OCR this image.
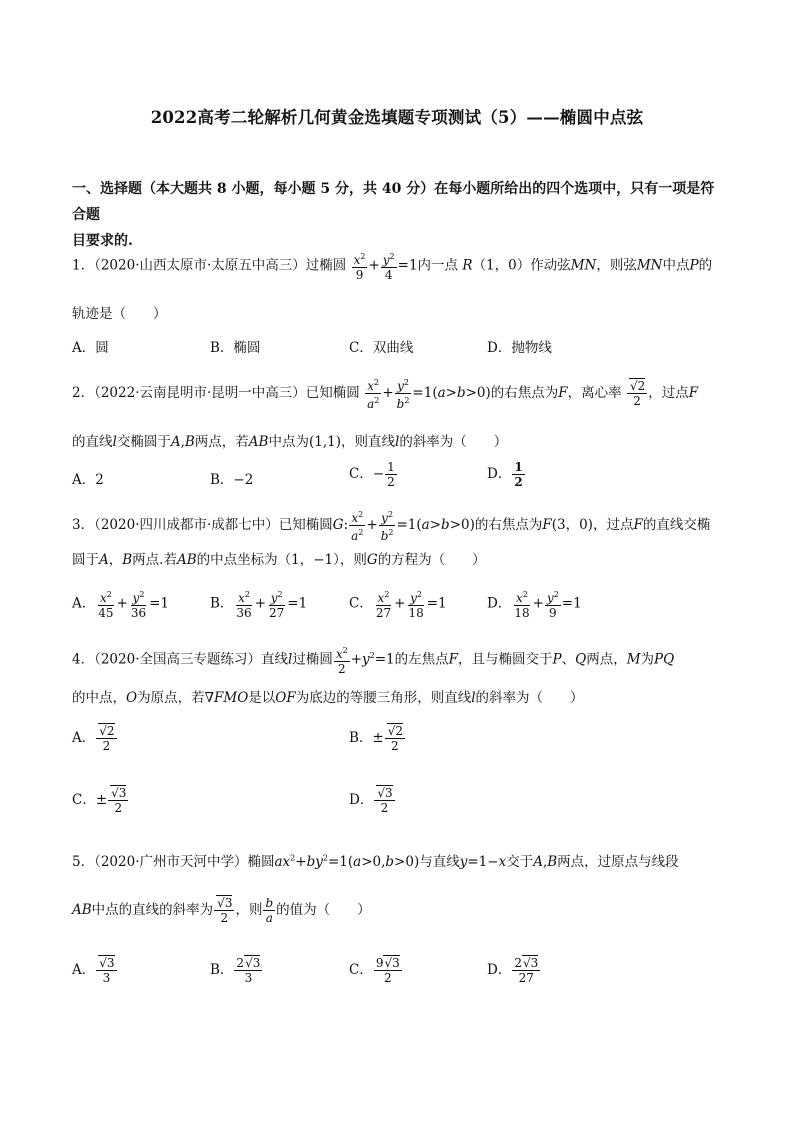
2022高考二轮解析几何黄金选填题专项测试（5）——椭圆中点弦
一、选择题（本大题共 8 小题，每小题 5 分，共 40 分）在每小题所给出的四个选项中，只有一项是符合题
目要求的.
1．（2020·山西太原市·太原五中高三）过椭圆 $\frac{x^2}{9} + \frac{y^2}{4} =1$内一点 R（1，0）作动弦MN，则弦MN中点P的
轨迹是（　　）
A．圆	B．椭圆	C．双曲线	D．抛物线
2．（2022·云南昆明市·昆明一中高三）已知椭圆 $\frac{x^2}{a^2} + \frac{y^2}{b^2} =1(a>b>0)$的右焦点为F，离心率 $\frac{√2}{2}$ ，过点F
的直线l交椭圆于A,B两点，若AB中点为(1,1)，则直线l的斜率为（　　）
A．2	B．−2	C．− $\frac{1}{2}$	D． $\frac{1}{2}$
3．（2020·四川成都市·成都七中）已知椭圆G: $\frac{x^2}{a^2} + \frac{y^2}{b^2} =1(a>b>0)$的右焦点为F(3，0)，过点F的直线交椭
圆于A，B两点.若AB的中点坐标为（1，−1），则G的方程为（　　）
A． $\frac{x^2}{45} + \frac{y^2}{36} =1$	B． $\frac{x^2}{36} + \frac{y^2}{27} =1$	C． $\frac{x^2}{27} + \frac{y^2}{18} =1$	D． $\frac{x^2}{18} + \frac{y^2}{9} =1$
4．（2020·全国高三专题练习）直线l过椭圆 $\frac{x^2}{2} +y^2=1$的左焦点F，且与椭圆交于P、Q两点，M为PQ
的中点，O为原点，若∇FMO是以OF为底边的等腰三角形，则直线l的斜率为（　　）
A． $\frac{√2}{2}$	B．± $\frac{√2}{2}$
C．± $\frac{√3}{2}$	D． $\frac{√3}{2}$
5．（2020·广州市天河中学）椭圆$ax^2+by^2=1(a>0,b>0)$与直线y=1−x交于A,B两点，过原点与线段
AB中点的直线的斜率为 $\frac{√3}{2}$ ，则 $\frac{b}{a}$ 的值为（　　）
A． $\frac{√3}{3}$	B． $\frac{2√3}{3}$	C． $\frac{9√3}{2}$	D． $\frac{2√3}{27}$
